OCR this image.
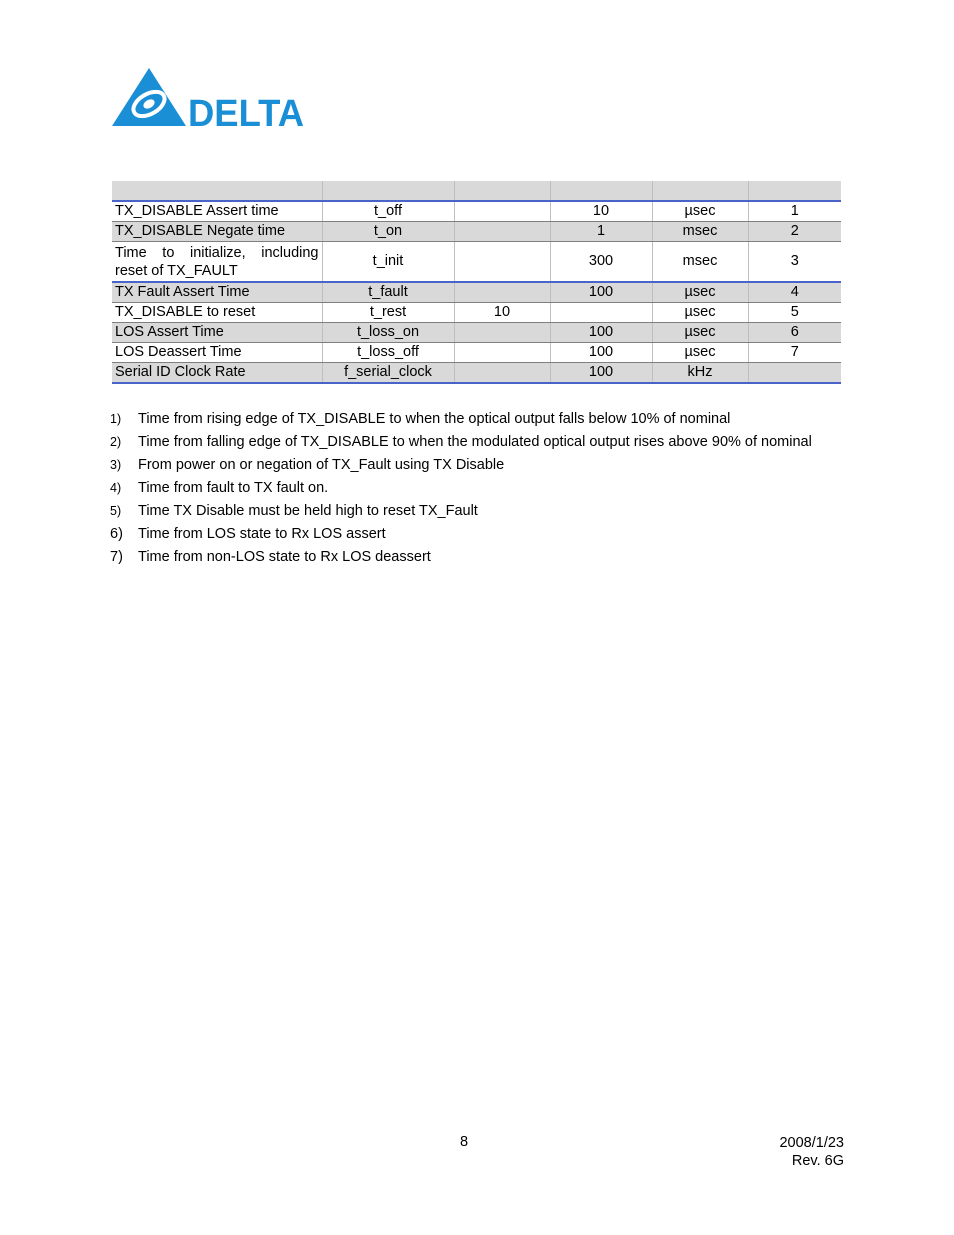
DELTA

TX_DISABLE Assert time	t_off		10	µsec	1
TX_DISABLE Negate time	t_on		1	msec	2
Time to initialize, including reset of TX_FAULT	t_init		300	msec	3
TX Fault Assert Time	t_fault		100	µsec	4
TX_DISABLE to reset	t_rest	10		µsec	5
LOS Assert Time	t_loss_on		100	µsec	6
LOS Deassert Time	t_loss_off		100	µsec	7
Serial ID Clock Rate	f_serial_clock		100	kHz	
1) Time from rising edge of TX_DISABLE to when the optical output falls below 10% of nominal
2) Time from falling edge of TX_DISABLE to when the modulated optical output rises above 90% of nominal
3) From power on or negation of TX_Fault using TX Disable
4) Time from fault to TX fault on.
5) Time TX Disable must be held high to reset TX_Fault
6) Time from LOS state to Rx LOS assert
7) Time from non-LOS state to Rx LOS deassert
8	2008/1/23
Rev. 6G
